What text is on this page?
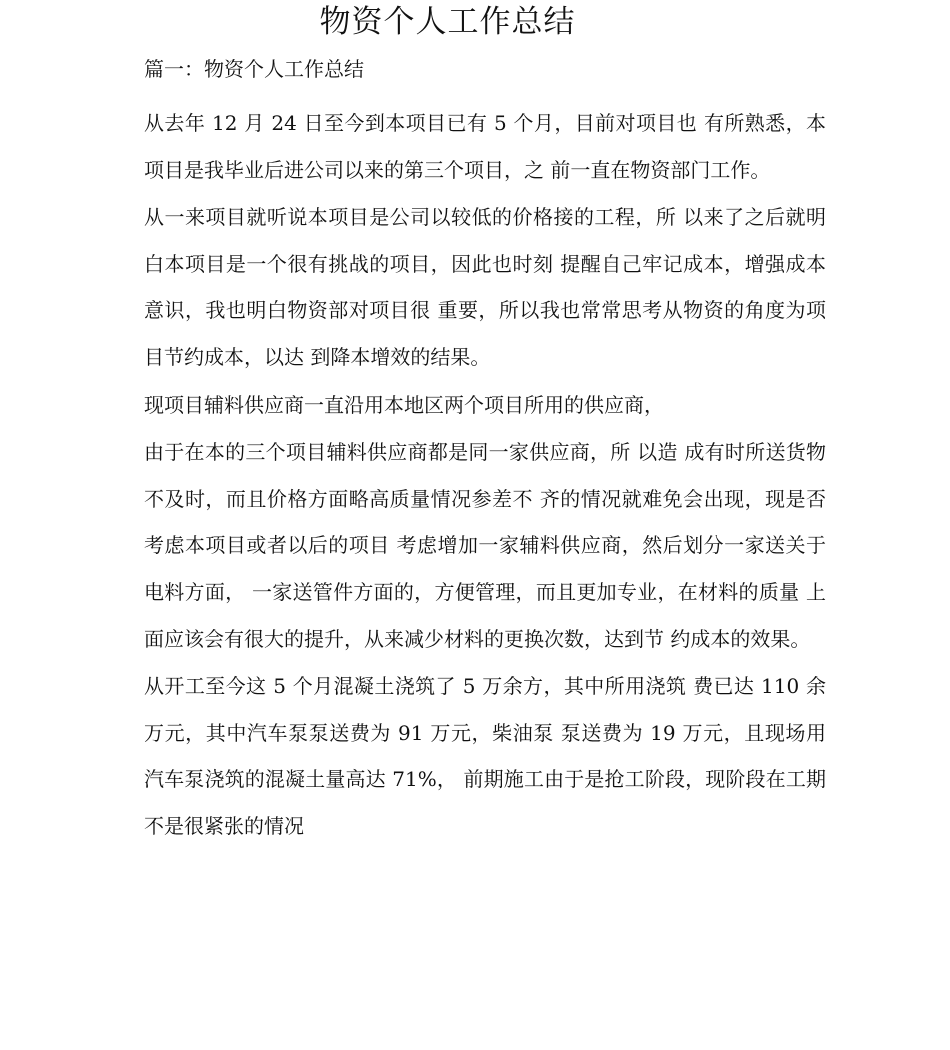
物资个人工作总结
篇一：物资个人工作总结

从去年 12 月 24 日至今到本项目已有 5 个月，目前对项目也 有所熟悉，本项目是我毕业后进公司以来的第三个项目，之 前一直在物资部门工作。

从一来项目就听说本项目是公司以较低的价格接的工程，所 以来了之后就明白本项目是一个很有挑战的项目，因此也时刻 提醒自己牢记成本，增强成本意识，我也明白物资部对项目很 重要，所以我也常常思考从物资的角度为项目节约成本，以达 到降本增效的结果。

现项目辅料供应商一直沿用本地区两个项目所用的供应商，

由于在本的三个项目辅料供应商都是同一家供应商，所 以造 成有时所送货物不及时，而且价格方面略高质量情况参差不 齐的情况就难免会出现，现是否考虑本项目或者以后的项目 考虑增加一家辅料供应商，然后划分一家送关于电料方面， 一家送管件方面的，方便管理，而且更加专业，在材料的质量 上面应该会有很大的提升，从来减少材料的更换次数，达到节 约成本的效果。

从开工至今这 5 个月混凝土浇筑了 5 万余方，其中所用浇筑 费已达 110 余万元，其中汽车泵泵送费为 91 万元，柴油泵 泵送费为 19 万元，且现场用汽车泵浇筑的混凝土量高达 71%， 前期施工由于是抢工阶段，现阶段在工期不是很紧张的情况
